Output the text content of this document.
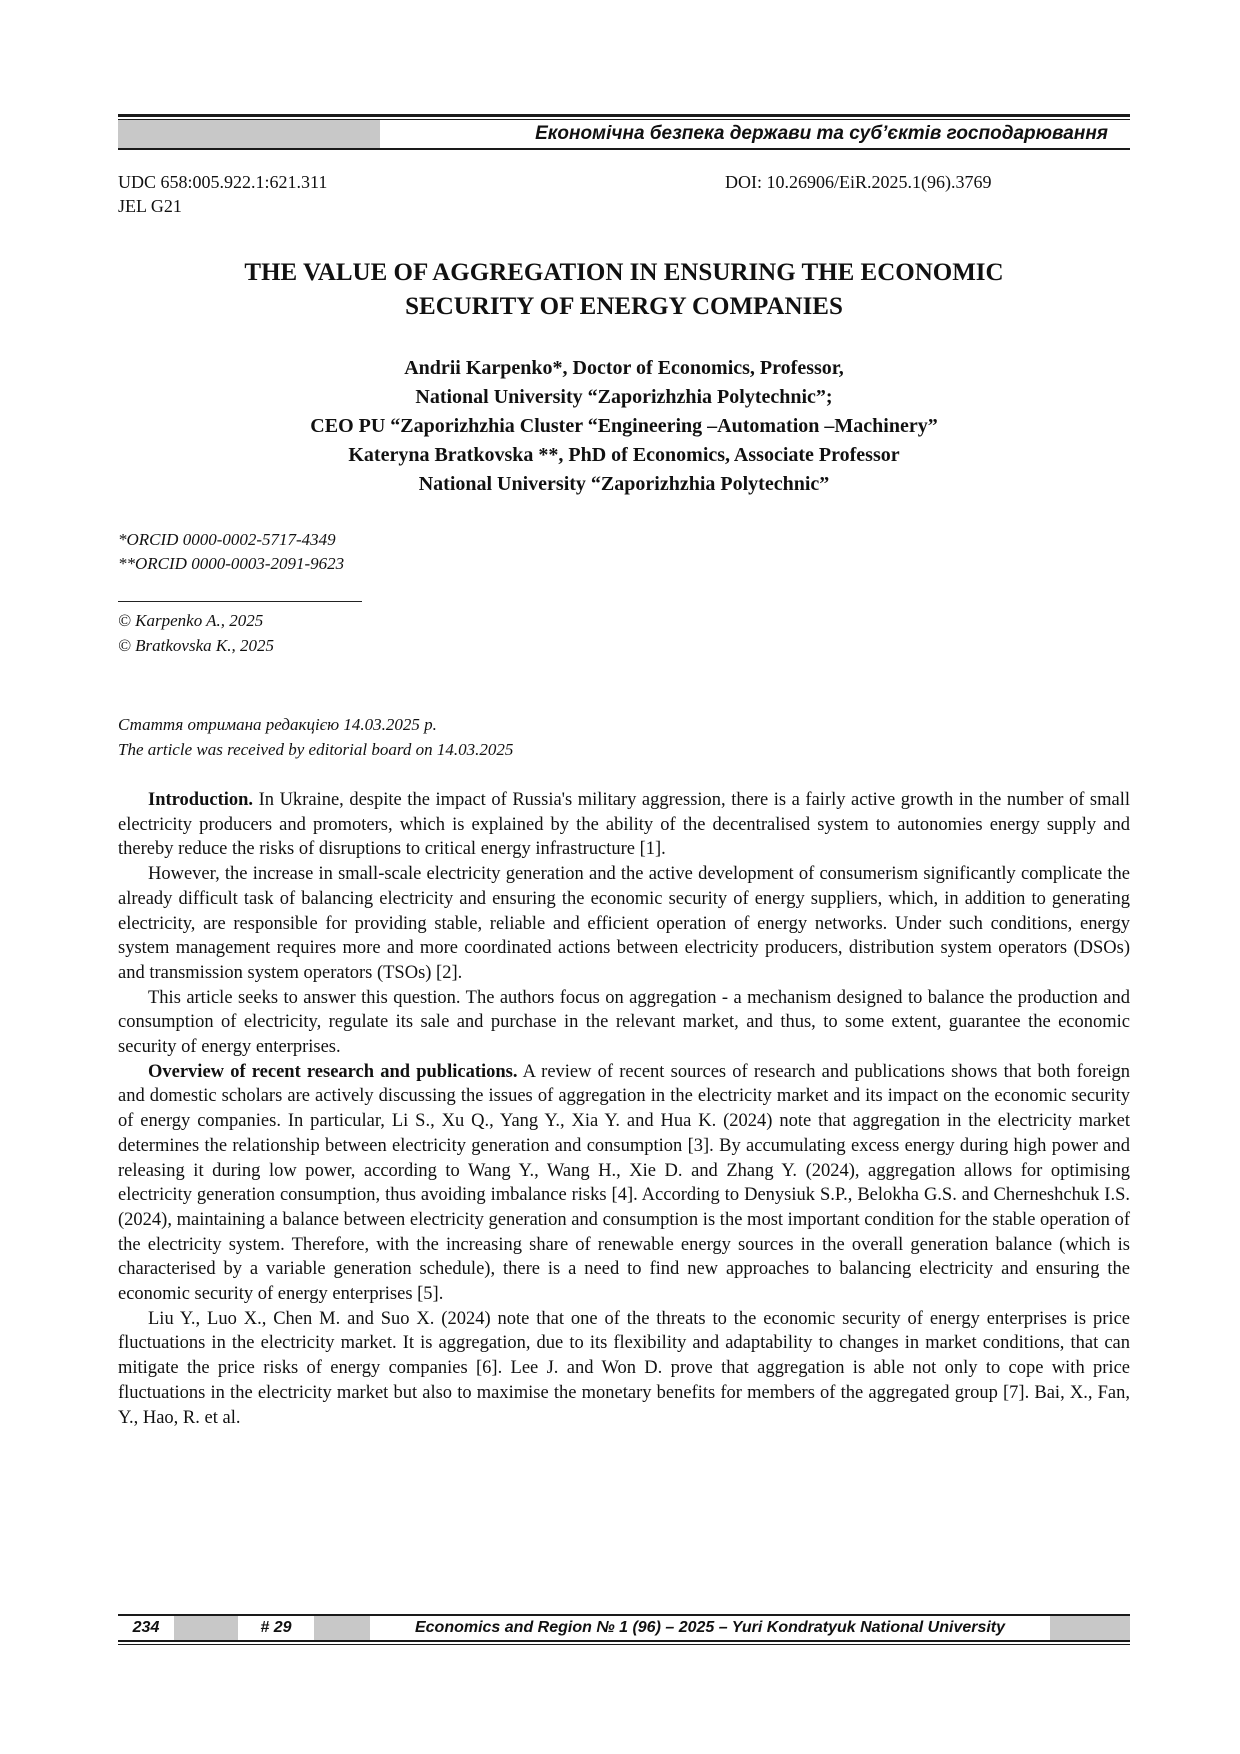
Економічна безпека держави та суб’єктів господарювання
UDC 658:005.922.1:621.311
JEL G21
DOI: 10.26906/EiR.2025.1(96).3769
THE VALUE OF AGGREGATION IN ENSURING THE ECONOMIC
SECURITY OF ENERGY COMPANIES
Andrii Karpenko*, Doctor of Economics, Professor,
National University “Zaporizhzhia Polytechnic”;
CEO PU “Zaporizhzhia Cluster “Engineering –Automation –Machinery”
Kateryna Bratkovska **, PhD of Economics, Associate Professor
National University “Zaporizhzhia Polytechnic”
*ORCID 0000-0002-5717-4349
**ORCID 0000-0003-2091-9623
© Karpenko A., 2025
© Bratkovska K., 2025
Стаття отримана редакцією 14.03.2025 р.
The article was received by editorial board on 14.03.2025

Introduction. In Ukraine, despite the impact of Russia's military aggression, there is a fairly active growth in the number of small electricity producers and promoters, which is explained by the ability of the decentralised system to autonomies energy supply and thereby reduce the risks of disruptions to critical energy infrastructure [1].

However, the increase in small-scale electricity generation and the active development of consumerism significantly complicate the already difficult task of balancing electricity and ensuring the economic security of energy suppliers, which, in addition to generating electricity, are responsible for providing stable, reliable and efficient operation of energy networks. Under such conditions, energy system management requires more and more coordinated actions between electricity producers, distribution system operators (DSOs) and transmission system operators (TSOs) [2].

This article seeks to answer this question. The authors focus on aggregation - a mechanism designed to balance the production and consumption of electricity, regulate its sale and purchase in the relevant market, and thus, to some extent, guarantee the economic security of energy enterprises.

Overview of recent research and publications. A review of recent sources of research and publications shows that both foreign and domestic scholars are actively discussing the issues of aggregation in the electricity market and its impact on the economic security of energy companies. In particular, Li S., Xu Q., Yang Y., Xia Y. and Hua K. (2024) note that aggregation in the electricity market determines the relationship between electricity generation and consumption [3]. By accumulating excess energy during high power and releasing it during low power, according to Wang Y., Wang H., Xie D. and Zhang Y. (2024), aggregation allows for optimising electricity generation consumption, thus avoiding imbalance risks [4]. According to Denysiuk S.P., Belokha G.S. and Cherneshchuk I.S. (2024), maintaining a balance between electricity generation and consumption is the most important condition for the stable operation of the electricity system. Therefore, with the increasing share of renewable energy sources in the overall generation balance (which is characterised by a variable generation schedule), there is a need to find new approaches to balancing electricity and ensuring the economic security of energy enterprises [5].

Liu Y., Luo X., Chen M. and Suo X. (2024) note that one of the threats to the economic security of energy enterprises is price fluctuations in the electricity market. It is aggregation, due to its flexibility and adaptability to changes in market conditions, that can mitigate the price risks of energy companies [6]. Lee J. and Won D. prove that aggregation is able not only to cope with price fluctuations in the electricity market but also to maximise the monetary benefits for members of the aggregated group [7]. Bai, X., Fan, Y., Hao, R. et al.

234	# 29	Economics and Region № 1 (96) – 2025 – Yuri Kondratyuk National University
